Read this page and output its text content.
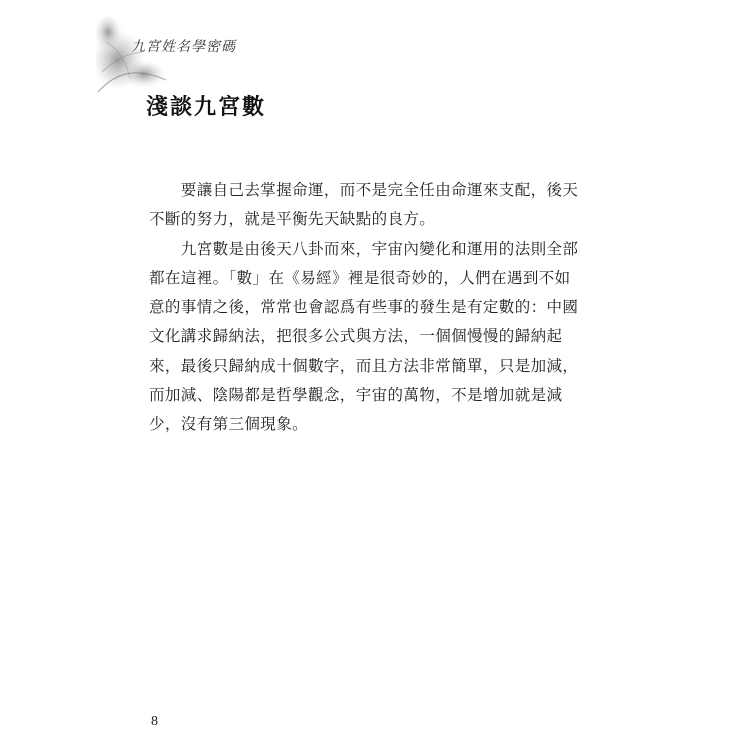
九宮姓名學密碼
淺談九宮數
　　要讓自己去掌握命運，而不是完全任由命運來支配，後天
不斷的努力，就是平衡先天缺點的良方。
　　九宮數是由後天八卦而來，宇宙內變化和運用的法則全部
都在這裡。「數」在《易經》裡是很奇妙的，人們在遇到不如
意的事情之後，常常也會認爲有些事的發生是有定數的：中國
文化講求歸納法，把很多公式與方法，一個個慢慢的歸納起
來，最後只歸納成十個數字，而且方法非常簡單，只是加減，
而加減、陰陽都是哲學觀念，宇宙的萬物，不是增加就是減
少，沒有第三個現象。
8
